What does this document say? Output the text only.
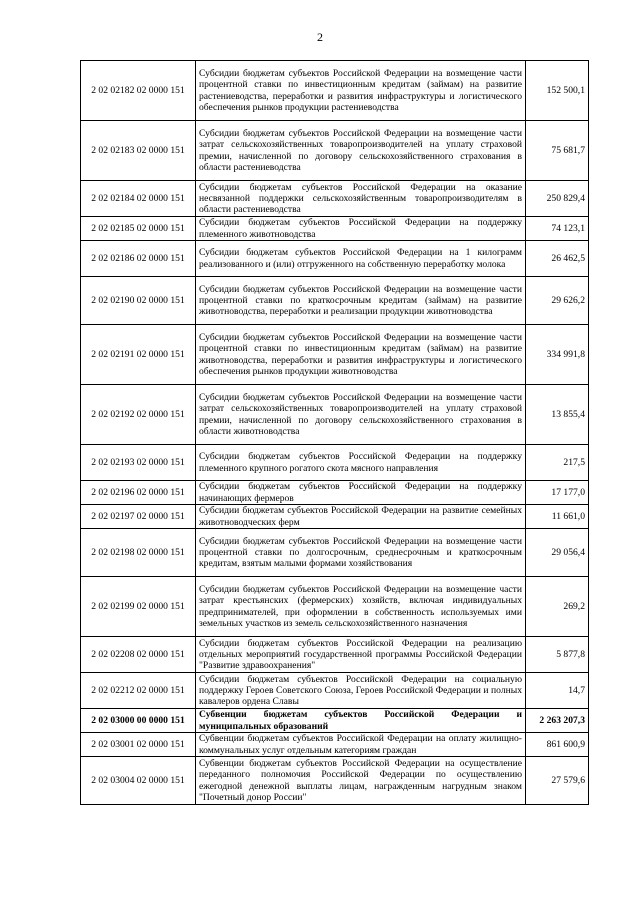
2
2 02 02182 02 0000 151	Субсидии бюджетам субъектов Российской Федерации на возмещение части процентной ставки по инвестиционным кредитам (займам) на развитие растениеводства, переработки и развития инфраструктуры и логистического обеспечения рынков продукции растениеводства	152 500,1
2 02 02183 02 0000 151	Субсидии бюджетам субъектов Российской Федерации на возмещение части затрат сельскохозяйственных товаропроизводителей на уплату страховой премии, начисленной по договору сельскохозяйственного страхования в области растениеводства	75 681,7
2 02 02184 02 0000 151	Субсидии бюджетам субъектов Российской Федерации на оказание несвязанной поддержки сельскохозяйственным товаропроизводителям в области растениеводства	250 829,4
2 02 02185 02 0000 151	Субсидии бюджетам субъектов Российской Федерации на поддержку племенного животноводства	74 123,1
2 02 02186 02 0000 151	Субсидии бюджетам субъектов Российской Федерации на 1 килограмм реализованного и (или) отгруженного на собственную переработку молока	26 462,5
2 02 02190 02 0000 151	Субсидии бюджетам субъектов Российской Федерации на возмещение части процентной ставки по краткосрочным кредитам (займам) на развитие животноводства, переработки и реализации продукции животноводства	29 626,2
2 02 02191 02 0000 151	Субсидии бюджетам субъектов Российской Федерации на возмещение части процентной ставки по инвестиционным кредитам (займам) на развитие животноводства, переработки и развития инфраструктуры и логистического обеспечения рынков продукции животноводства	334 991,8
2 02 02192 02 0000 151	Субсидии бюджетам субъектов Российской Федерации на возмещение части затрат сельскохозяйственных товаропроизводителей на уплату страховой премии, начисленной по договору сельскохозяйственного страхования в области животноводства	13 855,4
2 02 02193 02 0000 151	Субсидии бюджетам субъектов Российской Федерации на поддержку племенного крупного рогатого скота мясного направления	217,5
2 02 02196 02 0000 151	Субсидии бюджетам субъектов Российской Федерации на поддержку начинающих фермеров	17 177,0
2 02 02197 02 0000 151	Субсидии бюджетам субъектов Российской Федерации на развитие семейных животноводческих ферм	11 661,0
2 02 02198 02 0000 151	Субсидии бюджетам субъектов Российской Федерации на возмещение части процентной ставки по долгосрочным, среднесрочным и краткосрочным кредитам, взятым малыми формами хозяйствования	29 056,4
2 02 02199 02 0000 151	Субсидии бюджетам субъектов Российской Федерации на возмещение части затрат крестьянских (фермерских) хозяйств, включая индивидуальных предпринимателей, при оформлении в собственность используемых ими земельных участков из земель сельскохозяйственного назначения	269,2
2 02 02208 02 0000 151	Субсидии бюджетам субъектов Российской Федерации на реализацию отдельных мероприятий государственной программы Российской Федерации "Развитие здравоохранения"	5 877,8
2 02 02212 02 0000 151	Субсидии бюджетам субъектов Российской Федерации на социальную поддержку Героев Советского Союза, Героев Российской Федерации и полных кавалеров ордена Славы	14,7
2 02 03000 00 0000 151	Субвенции бюджетам субъектов Российской Федерации и муниципальных образований	2 263 207,3
2 02 03001 02 0000 151	Субвенции бюджетам субъектов Российской Федерации на оплату жилищно-коммунальных услуг отдельным категориям граждан	861 600,9
2 02 03004 02 0000 151	Субвенции бюджетам субъектов Российской Федерации на осуществление переданного полномочия Российской Федерации по осуществлению ежегодной денежной выплаты лицам, награжденным нагрудным знаком "Почетный донор России"	27 579,6
